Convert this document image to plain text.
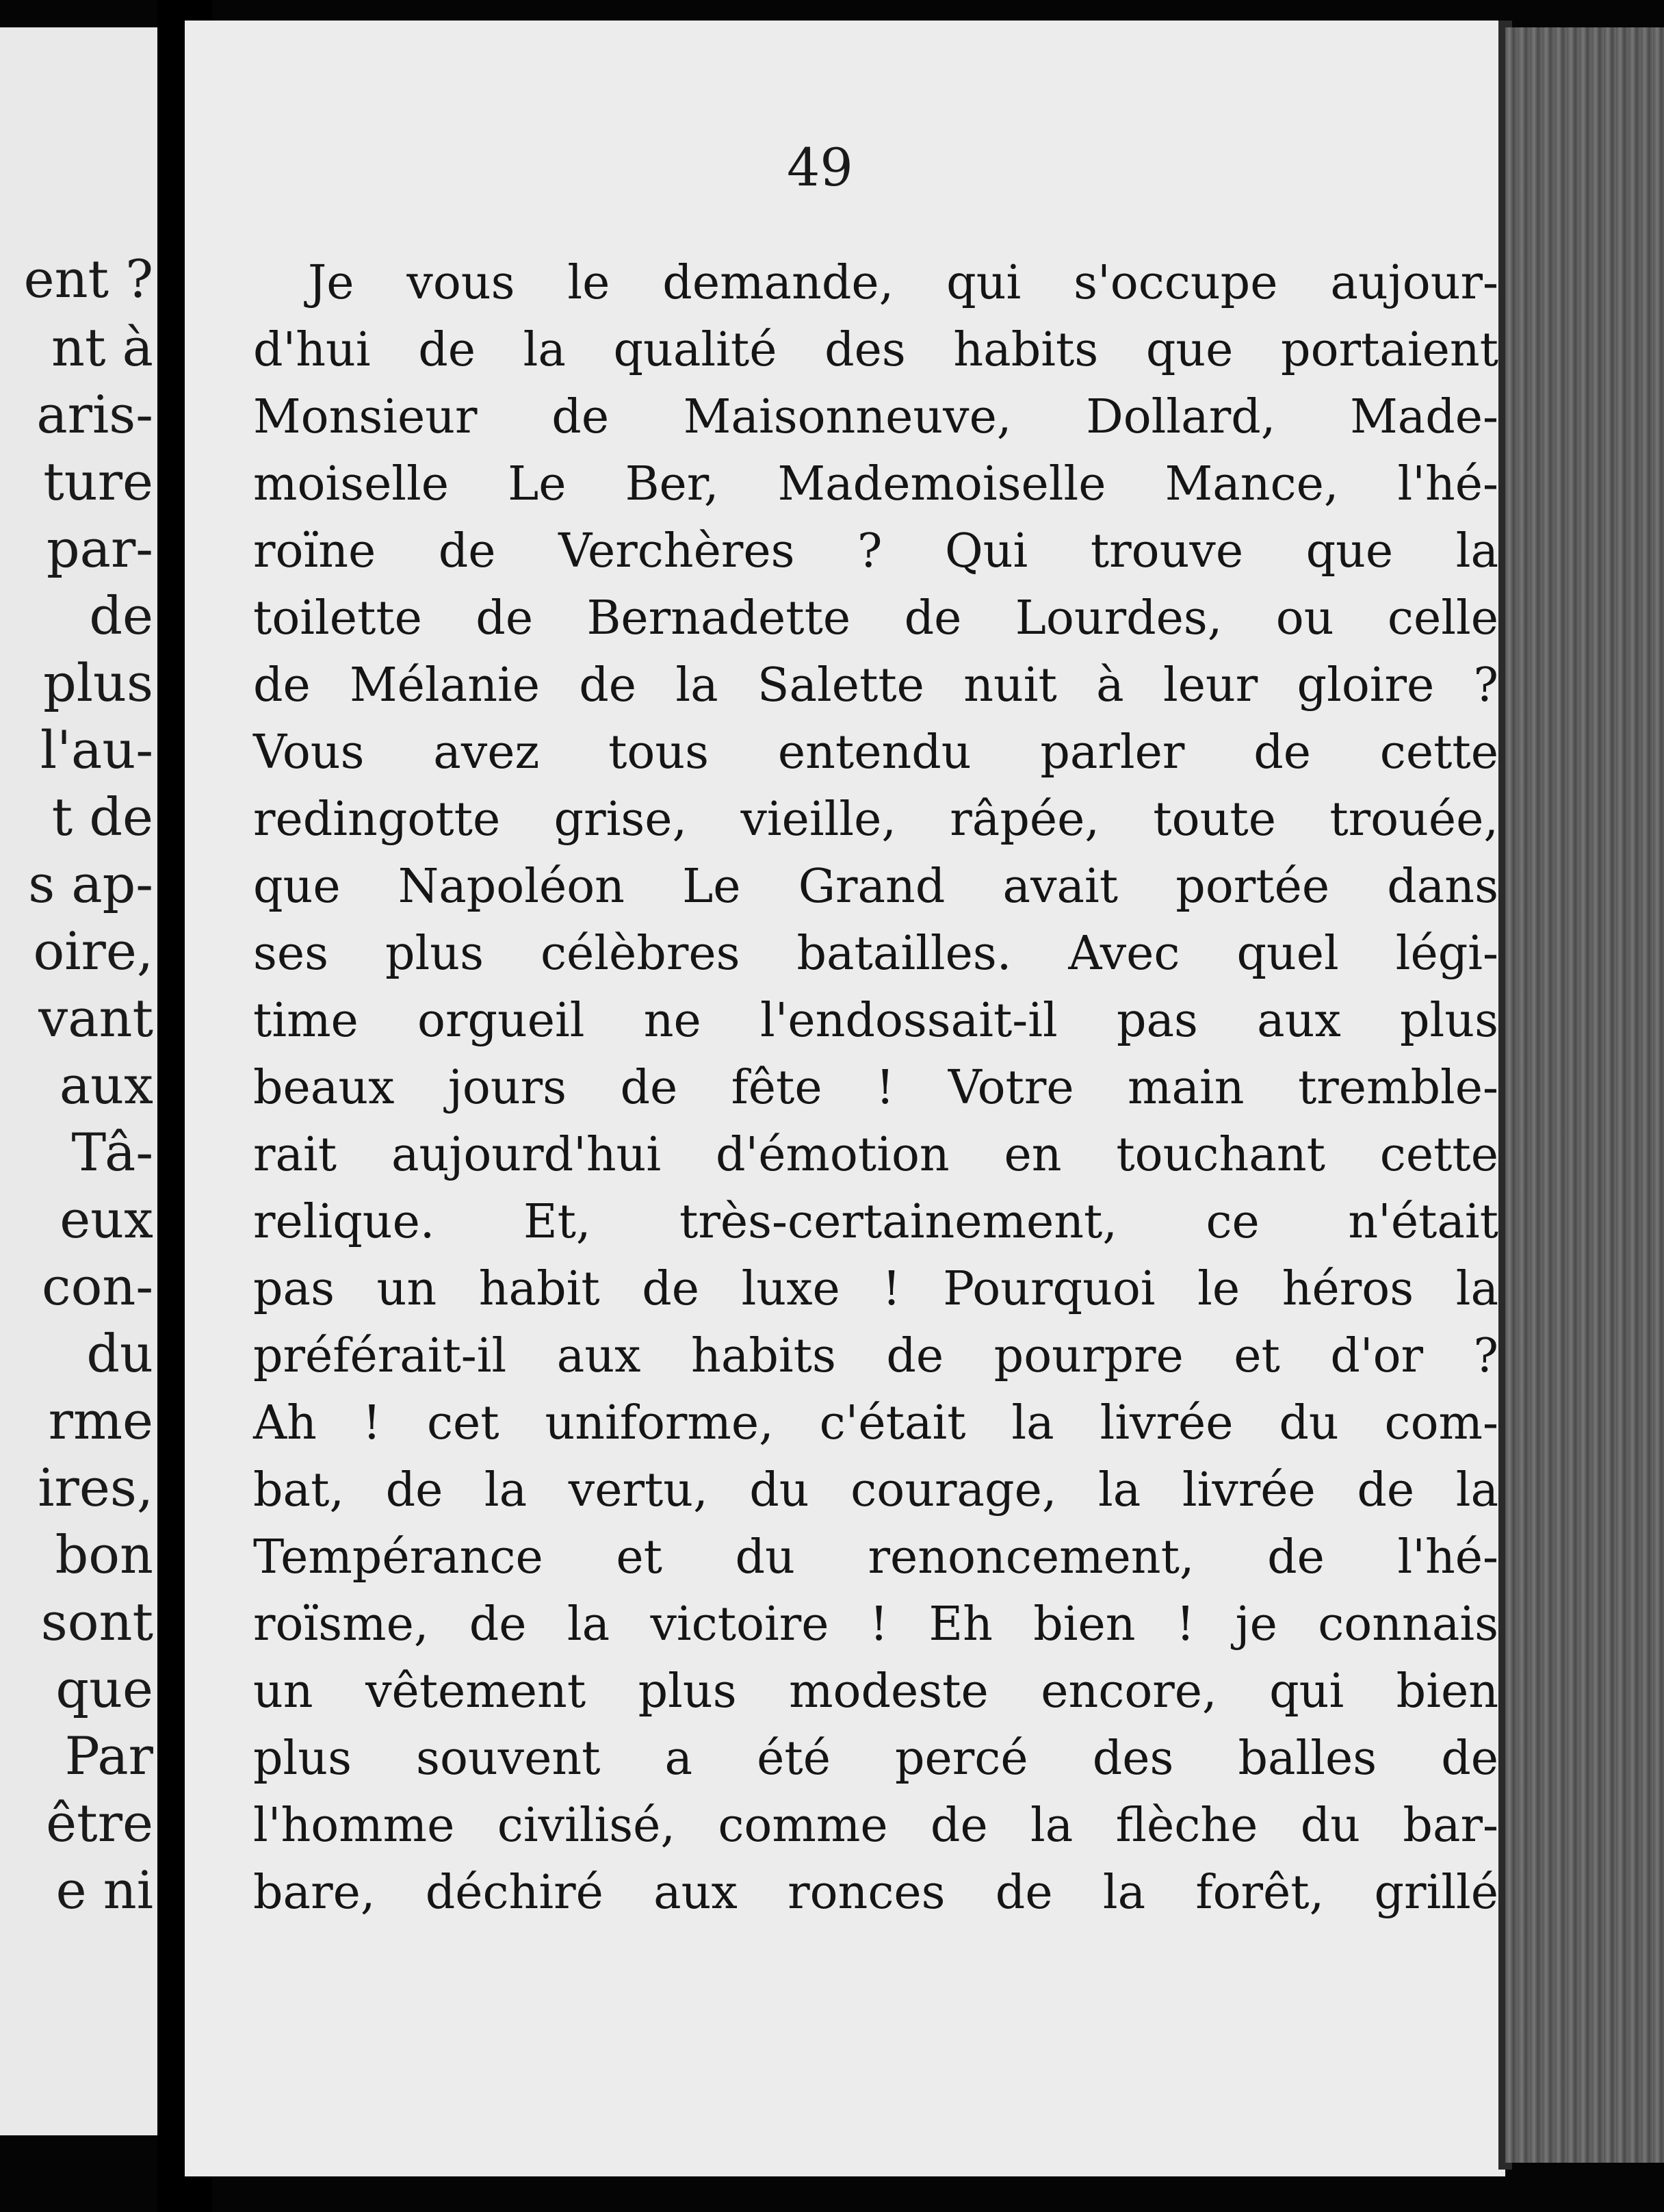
ent ?
nt à
aris-
ture
par-
de
plus
l'au-
t de
s ap-
oire,
vant
aux
Tâ-
eux
con-
du
rme
ires,
bon
sont
que
Par
être
e ni
49
Je vous le demande, qui s'occupe aujour-
d'hui de la qualité des habits que portaient
Monsieur de Maisonneuve, Dollard, Made-
moiselle Le Ber, Mademoiselle Mance, l'hé-
roïne de Verchères ? Qui trouve que la
toilette de Bernadette de Lourdes, ou celle
de Mélanie de la Salette nuit à leur gloire ?
Vous avez tous entendu parler de cette
redingotte grise, vieille, râpée, toute trouée,
que Napoléon Le Grand avait portée dans
ses plus célèbres batailles. Avec quel légi-
time orgueil ne l'endossait-il pas aux plus
beaux jours de fête ! Votre main tremble-
rait aujourd'hui d'émotion en touchant cette
relique. Et, très-certainement, ce n'était
pas un habit de luxe ! Pourquoi le héros la
préférait-il aux habits de pourpre et d'or ?
Ah ! cet uniforme, c'était la livrée du com-
bat, de la vertu, du courage, la livrée de la
Tempérance et du renoncement, de l'hé-
roïsme, de la victoire ! Eh bien ! je connais
un vêtement plus modeste encore, qui bien
plus souvent a été percé des balles de
l'homme civilisé, comme de la flèche du bar-
bare, déchiré aux ronces de la forêt, grillé
